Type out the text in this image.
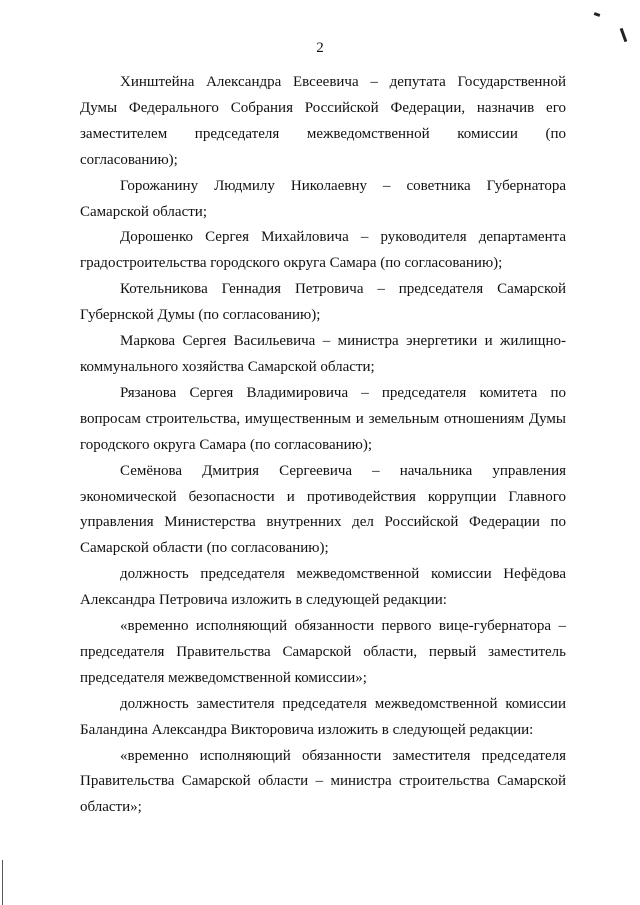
2

Хинштейна Александра Евсеевича – депутата Государственной Думы Федерального Собрания Российской Федерации, назначив его заместителем председателя межведомственной комиссии (по согласованию);

Горожанину Людмилу Николаевну – советника Губернатора Самарской области;

Дорошенко Сергея Михайловича – руководителя департамента градостроительства городского округа Самара (по согласованию);

Котельникова Геннадия Петровича – председателя Самарской Губернской Думы (по согласованию);

Маркова Сергея Васильевича – министра энергетики и жилищно-коммунального хозяйства Самарской области;

Рязанова Сергея Владимировича – председателя комитета по вопросам строительства, имущественным и земельным отношениям Думы городского округа Самара (по согласованию);

Семёнова Дмитрия Сергеевича – начальника управления экономической безопасности и противодействия коррупции Главного управления Министерства внутренних дел Российской Федерации по Самарской области (по согласованию);

должность председателя межведомственной комиссии Нефёдова Александра Петровича изложить в следующей редакции:

«временно исполняющий обязанности первого вице-губернатора – председателя Правительства Самарской области, первый заместитель председателя межведомственной комиссии»;

должность заместителя председателя межведомственной комиссии Баландина Александра Викторовича изложить в следующей редакции:

«временно исполняющий обязанности заместителя председателя Правительства Самарской области – министра строительства Самарской области»;
